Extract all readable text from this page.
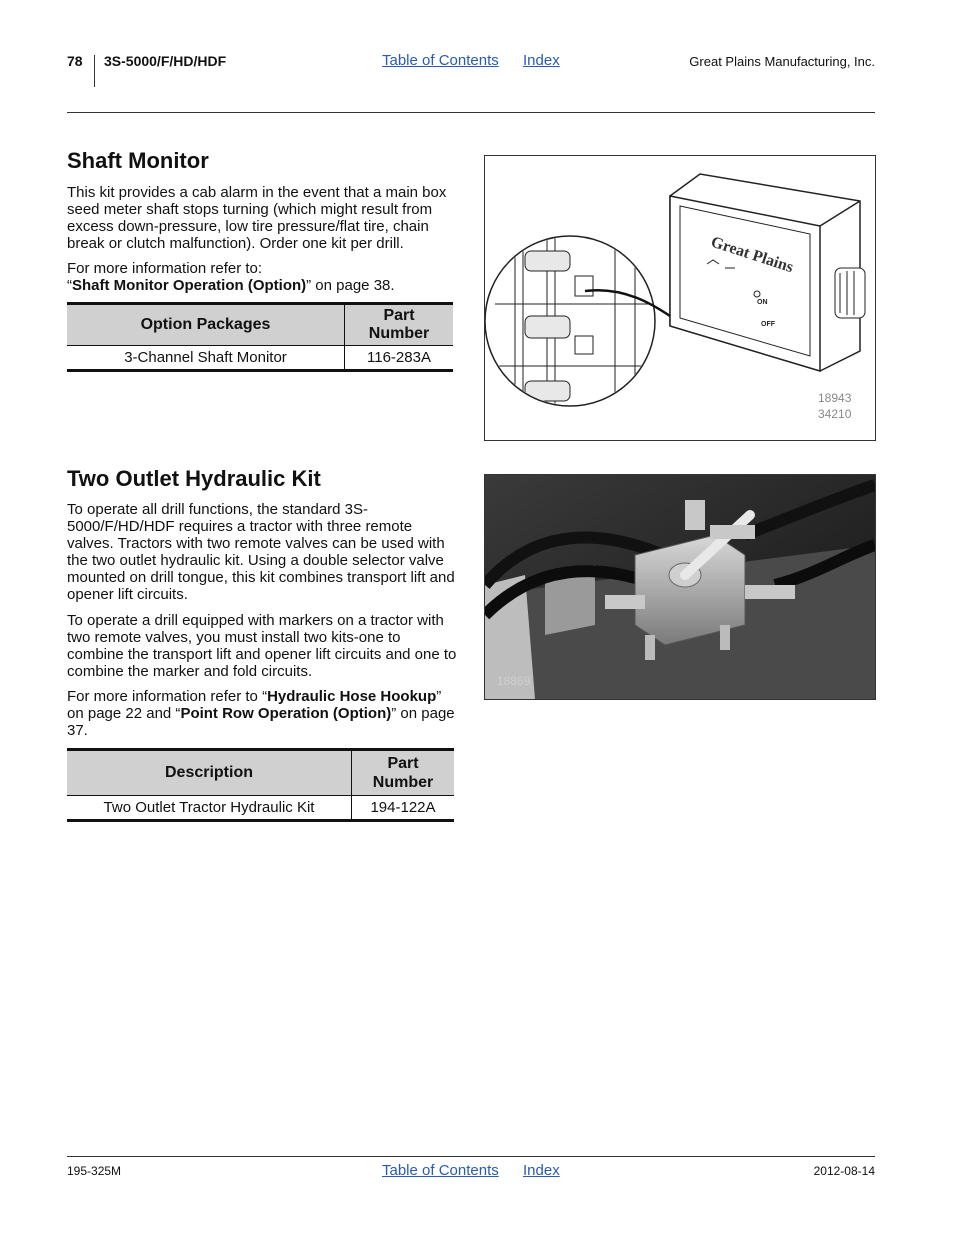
78 3S-5000/F/HD/HDF	Table of Contents Index	Great Plains Manufacturing, Inc.
Shaft Monitor

This kit provides a cab alarm in the event that a main box seed meter shaft stops turning (which might result from excess down-pressure, low tire pressure/flat tire, chain break or clutch malfunction). Order one kit per drill.

For more information refer to:
“Shaft Monitor Operation (Option)” on page 38.

Option Packages	Part Number
3-Channel Shaft Monitor	116-283A
Great Plains
ON
OFF
18943
34210
Two Outlet Hydraulic Kit

To operate all drill functions, the standard 3S-5000/F/HD/HDF requires a tractor with three remote valves. Tractors with two remote valves can be used with the two outlet hydraulic kit. Using a double selector valve mounted on drill tongue, this kit combines transport lift and opener lift circuits.

To operate a drill equipped with markers on a tractor with two remote valves, you must install two kits-one to combine the transport lift and opener lift circuits and one to combine the marker and fold circuits.

For more information refer to “Hydraulic Hose Hookup” on page 22 and “Point Row Operation (Option)” on page 37.

Description	Part Number
Two Outlet Tractor Hydraulic Kit	194-122A
18869
195-325M	Table of Contents Index	2012-08-14
